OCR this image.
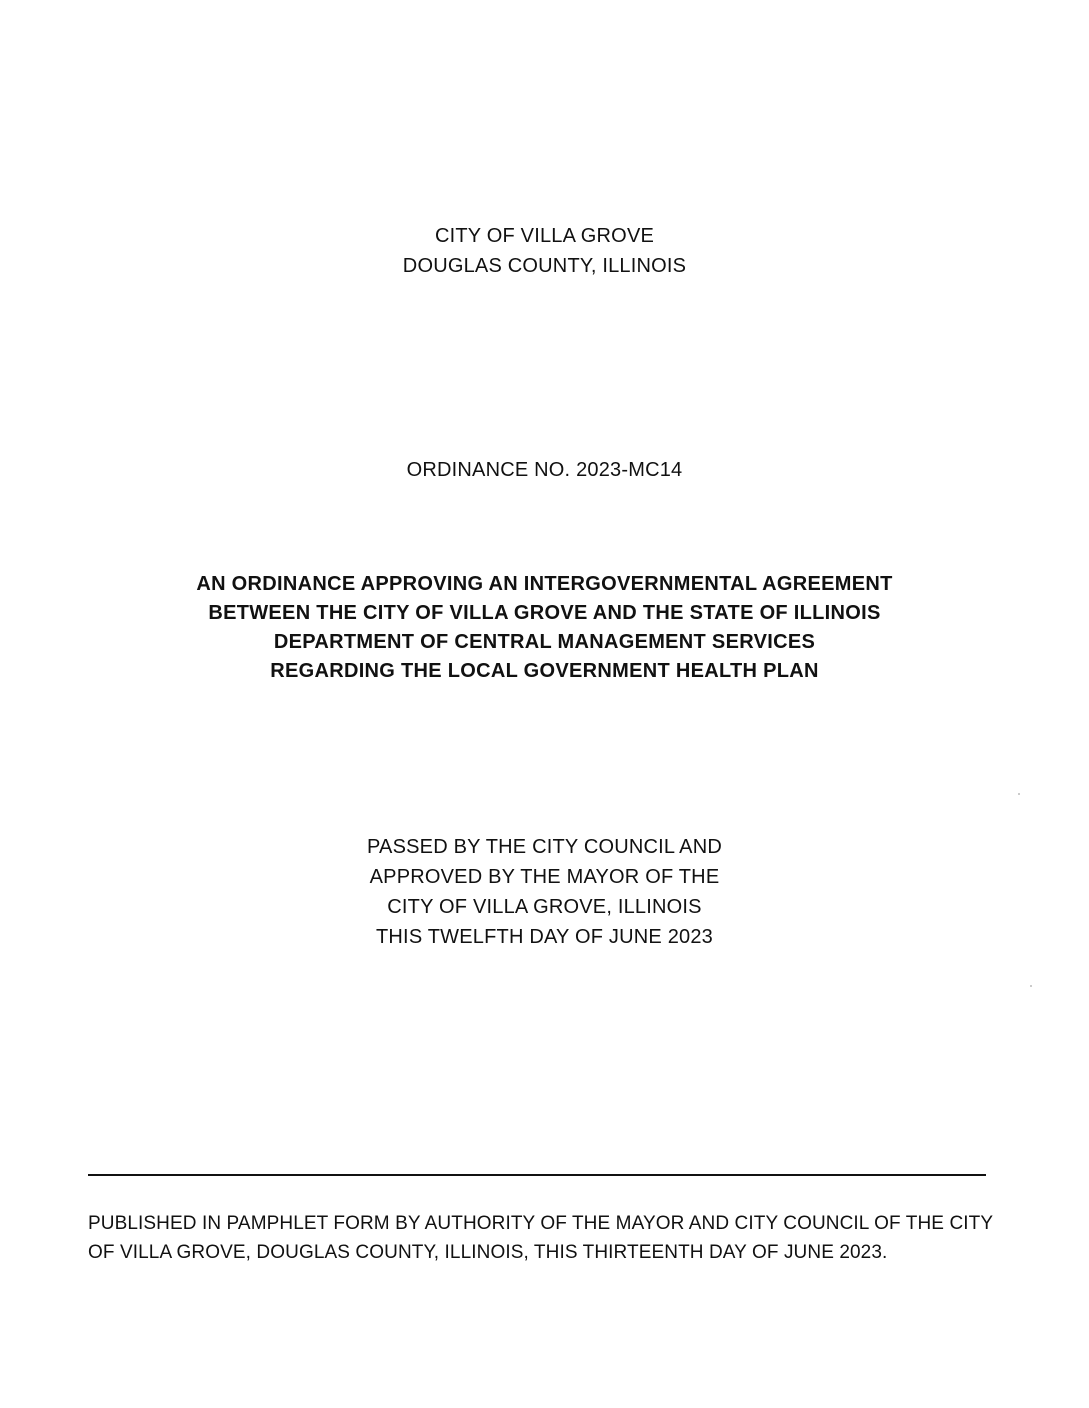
CITY OF VILLA GROVE
DOUGLAS COUNTY, ILLINOIS
ORDINANCE NO. 2023-MC14
AN ORDINANCE APPROVING AN INTERGOVERNMENTAL AGREEMENT
BETWEEN THE CITY OF VILLA GROVE AND THE STATE OF ILLINOIS
DEPARTMENT OF CENTRAL MANAGEMENT SERVICES
REGARDING THE LOCAL GOVERNMENT HEALTH PLAN
PASSED BY THE CITY COUNCIL AND
APPROVED BY THE MAYOR OF THE
CITY OF VILLA GROVE, ILLINOIS
THIS TWELFTH DAY OF JUNE 2023
PUBLISHED IN PAMPHLET FORM BY AUTHORITY OF THE MAYOR AND CITY COUNCIL OF THE CITY
OF VILLA GROVE, DOUGLAS COUNTY, ILLINOIS, THIS THIRTEENTH DAY OF JUNE 2023.
